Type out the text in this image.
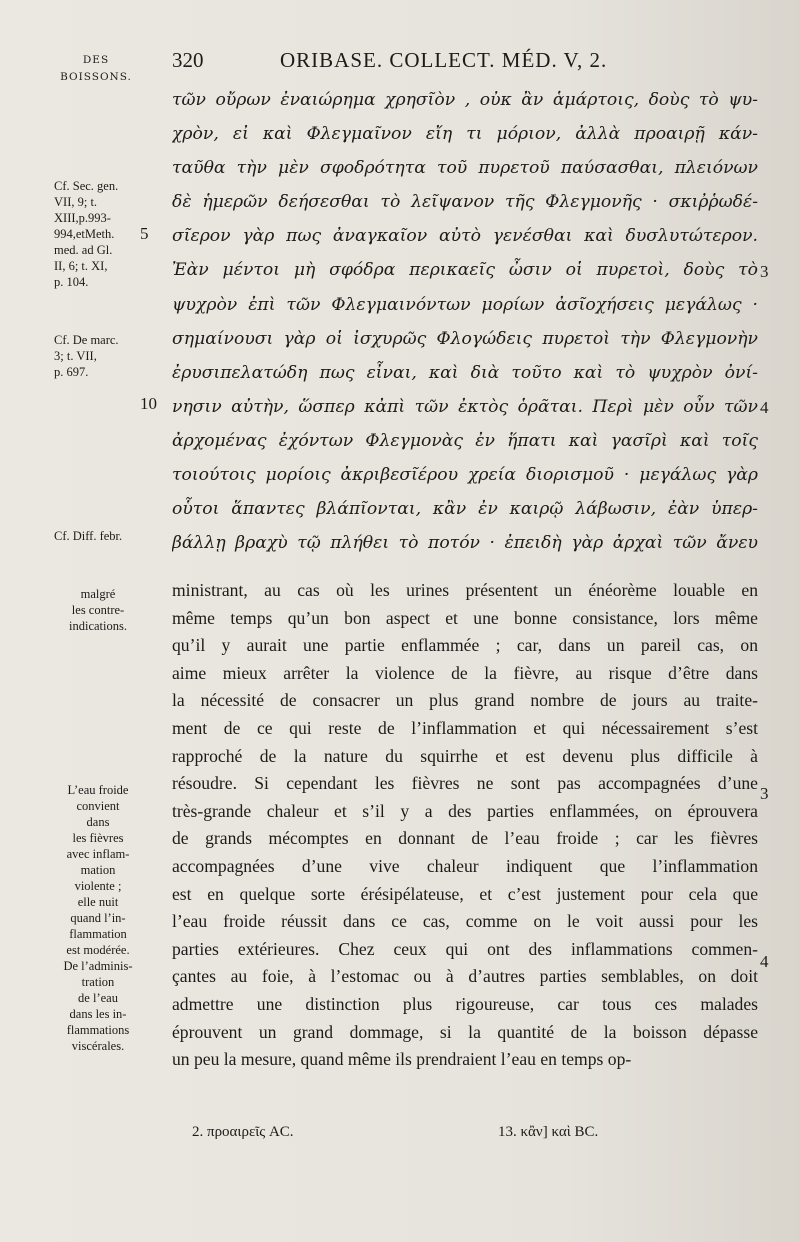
DES
BOISSONS.
320	ORIBASE. COLLECT. MÉD. V, 2.
τῶν οὔρων ἐναιώρημα χρησῖὸν , οὐκ ἂν ἁμάρτοις, δοὺς τὸ ψυ-
χρὸν, εἰ καὶ Φλεγμαῖνον εἴη τι μόριον, ἀλλὰ προαιρῇ κάν-
ταῦθα τὴν μὲν σφοδρότητα τοῦ πυρετοῦ παύσασθαι, πλειόνων
δὲ ἡμερῶν δεήσεσθαι τὸ λεῖψανον τῆς Φλεγμονῆς · σκιῤῥωδέ-
σῖερον γὰρ πως ἀναγκαῖον αὐτὸ γενέσθαι καὶ δυσλυτώτερον.
Ἐὰν μέντοι μὴ σφόδρα περικαεῖς ὦσιν οἱ πυρετοὶ, δοὺς τὸ
ψυχρὸν ἐπὶ τῶν Φλεγμαινόντων μορίων ἀσῖοχήσεις μεγάλως ·
σημαίνουσι γὰρ οἱ ἰσχυρῶς Φλογώδεις πυρετοὶ τὴν Φλεγμονὴν
ἐρυσιπελατώδη πως εἶναι, καὶ διὰ τοῦτο καὶ τὸ ψυχρὸν ὀνί-
νησιν αὐτὴν, ὥσπερ κἀπὶ τῶν ἐκτὸς ὁρᾶται. Περὶ μὲν οὖν τῶν
ἀρχομένας ἐχόντων Φλεγμονὰς ἐν ἥπατι καὶ γασῖρὶ καὶ τοῖς
τοιούτοις μορίοις ἀκριβεσῖέρου χρεία διορισμοῦ · μεγάλως γὰρ
οὗτοι ἅπαντες βλάπῖονται, κἂν ἐν καιρῷ λάβωσιν, ἐὰν ὑπερ-
βάλλῃ βραχὺ τῷ πλήθει τὸ ποτόν · ἐπειδὴ γὰρ ἀρχαὶ τῶν ἄνευ
ministrant, au cas où les urines présentent un énéorème louable en
même temps qu’un bon aspect et une bonne consistance, lors même
qu’il y aurait une partie enflammée ; car, dans un pareil cas, on
aime mieux arrêter la violence de la fièvre, au risque d’être dans
la nécessité de consacrer un plus grand nombre de jours au traite-
ment de ce qui reste de l’inflammation et qui nécessairement s’est
rapproché de la nature du squirrhe et est devenu plus difficile à
résoudre. Si cependant les fièvres ne sont pas accompagnées d’une
très-grande chaleur et s’il y a des parties enflammées, on éprouvera
de grands mécomptes en donnant de l’eau froide ; car les fièvres
accompagnées d’une vive chaleur indiquent que l’inflammation
est en quelque sorte érésipélateuse, et c’est justement pour cela que
l’eau froide réussit dans ce cas, comme on le voit aussi pour les
parties extérieures. Chez ceux qui ont des inflammations commen-
çantes au foie, à l’estomac ou à d’autres parties semblables, on doit
admettre une distinction plus rigoureuse, car tous ces malades
éprouvent un grand dommage, si la quantité de la boisson dépasse
un peu la mesure, quand même ils prendraient l’eau en temps op-
5
10
3
4
3
4
Cf. Sec. gen.
VII, 9; t.
XIII,p.993-
994,etMeth.
med. ad Gl.
II, 6; t. XI,
p. 104.
Cf. De marc.
3; t. VII,
p. 697.
Cf. Diff. febr.
malgré
les contre-
indications.
L’eau froide
convient
dans
les fièvres
avec inflam-
mation
violente ;
elle nuit
quand l’in-
flammation
est modérée.
De l’adminis-
tration
de l’eau
dans les in-
flammations
viscérales.
2. προαιρεῖς AC.	13. κἂν] καὶ BC.
